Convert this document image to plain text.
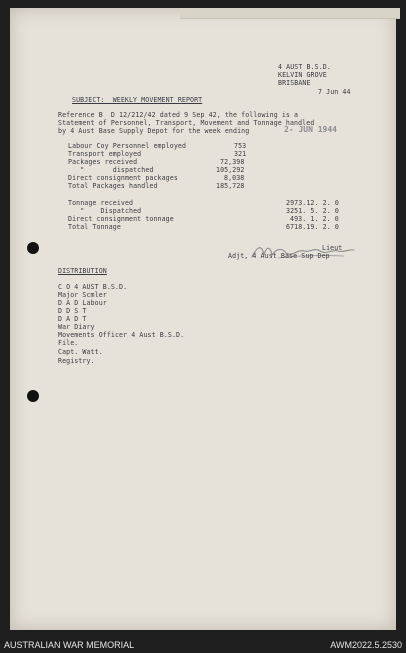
4 AUST B.S.D.
KELVIN GROVE
BRISBANE
7 Jun 44
SUBJECT:  WEEKLY MOVEMENT REPORT
Reference B  D 12/212/42 dated 9 Sep 42, the following is a
Statement of Personnel, Transport, Movement and Tonnage handled
by 4 Aust Base Supply Depot for the week ending	2- JUN 1944
Labour Coy Personnel employed	753
Transport employed	321
Packages received	72,398
"       dispatched	105,292
Direct consignment packages	8,038
Total Packages handled	185,728
Tonnage received	2973.12. 2. 0
"    Dispatched	3251. 5. 2. 0
Direct consignment tonnage	493. 1. 2. 0
Total Tonnage	6718.19. 2. 0
Lieut
Adjt, 4 Aust Base Sup Dep
DISTRIBUTION
C O 4 AUST B.S.D.
Major Scmler
D A D Labour
D D S T
D A D T
War Diary
Movements Officer 4 Aust B.S.D.
File.
Capt. Watt.
Registry.
AUSTRALIAN WAR MEMORIAL	AWM2022.5.2530
